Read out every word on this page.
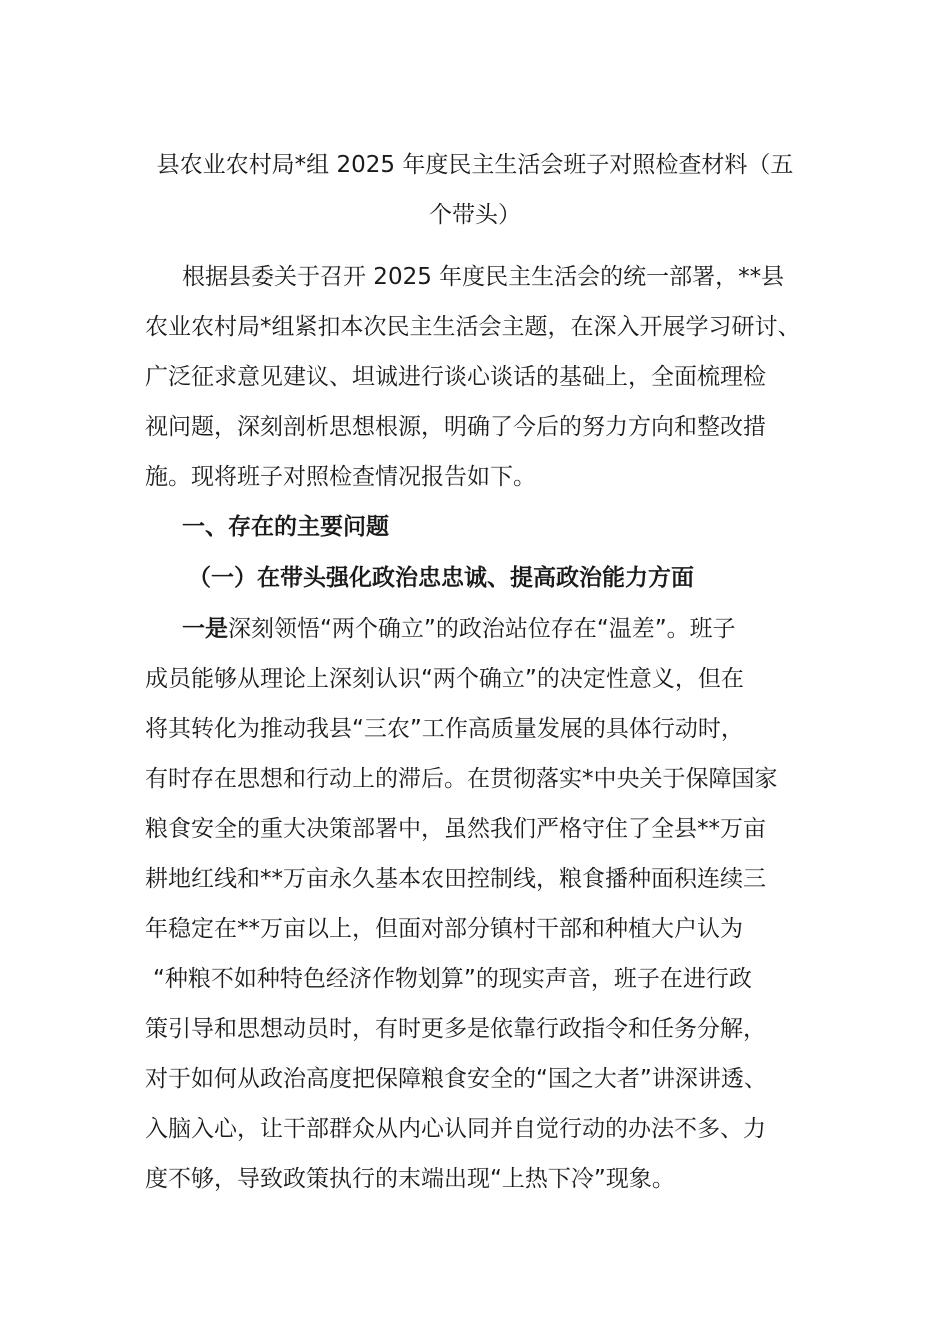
县农业农村局*组 2025 年度民主生活会班子对照检查材料（五
个带头）
根据县委关于召开 2025 年度民主生活会的统一部署，**县
农业农村局*组紧扣本次民主生活会主题，在深入开展学习研讨、
广泛征求意见建议、坦诚进行谈心谈话的基础上，全面梳理检
视问题，深刻剖析思想根源，明确了今后的努力方向和整改措
施。现将班子对照检查情况报告如下。
一、存在的主要问题
（一）在带头强化政治忠忠诚、提高政治能力方面
一是深刻领悟“两个确立”的政治站位存在“温差”。班子
成员能够从理论上深刻认识“两个确立”的决定性意义，但在
将其转化为推动我县“三农”工作高质量发展的具体行动时，
有时存在思想和行动上的滞后。在贯彻落实*中央关于保障国家
粮食安全的重大决策部署中，虽然我们严格守住了全县**万亩
耕地红线和**万亩永久基本农田控制线，粮食播种面积连续三
年稳定在**万亩以上，但面对部分镇村干部和种植大户认为
“种粮不如种特色经济作物划算”的现实声音，班子在进行政
策引导和思想动员时，有时更多是依靠行政指令和任务分解，
对于如何从政治高度把保障粮食安全的“国之大者”讲深讲透、
入脑入心，让干部群众从内心认同并自觉行动的办法不多、力
度不够，导致政策执行的末端出现“上热下冷”现象。
